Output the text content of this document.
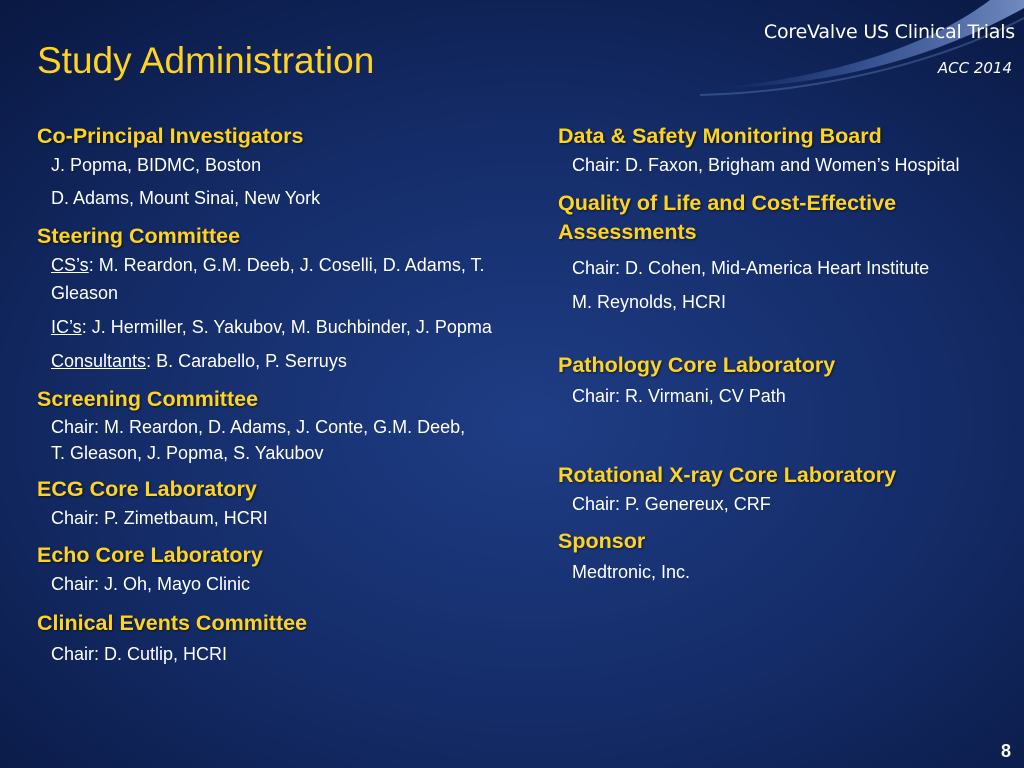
Study Administration
CoreValve US Clinical Trials
ACC 2014
Co-Principal Investigators
J. Popma, BIDMC, Boston
D. Adams, Mount Sinai, New York
Steering Committee
CS’s: M. Reardon, G.M. Deeb, J. Coselli, D. Adams, T. Gleason
IC’s: J. Hermiller, S. Yakubov, M. Buchbinder, J. Popma
Consultants: B. Carabello, P. Serruys
Screening Committee
Chair: M. Reardon, D. Adams, J. Conte, G.M. Deeb, T. Gleason, J. Popma, S. Yakubov
ECG Core Laboratory
Chair: P. Zimetbaum, HCRI
Echo Core Laboratory
Chair: J. Oh, Mayo Clinic
Clinical Events Committee
Chair: D. Cutlip, HCRI
Data & Safety Monitoring Board
Chair: D. Faxon, Brigham and Women’s Hospital
Quality of Life and Cost-Effective Assessments
Chair: D. Cohen, Mid-America Heart Institute
M. Reynolds, HCRI
Pathology Core Laboratory
Chair: R. Virmani, CV Path
Rotational X-ray Core Laboratory
Chair: P. Genereux, CRF
Sponsor
Medtronic, Inc.
8
